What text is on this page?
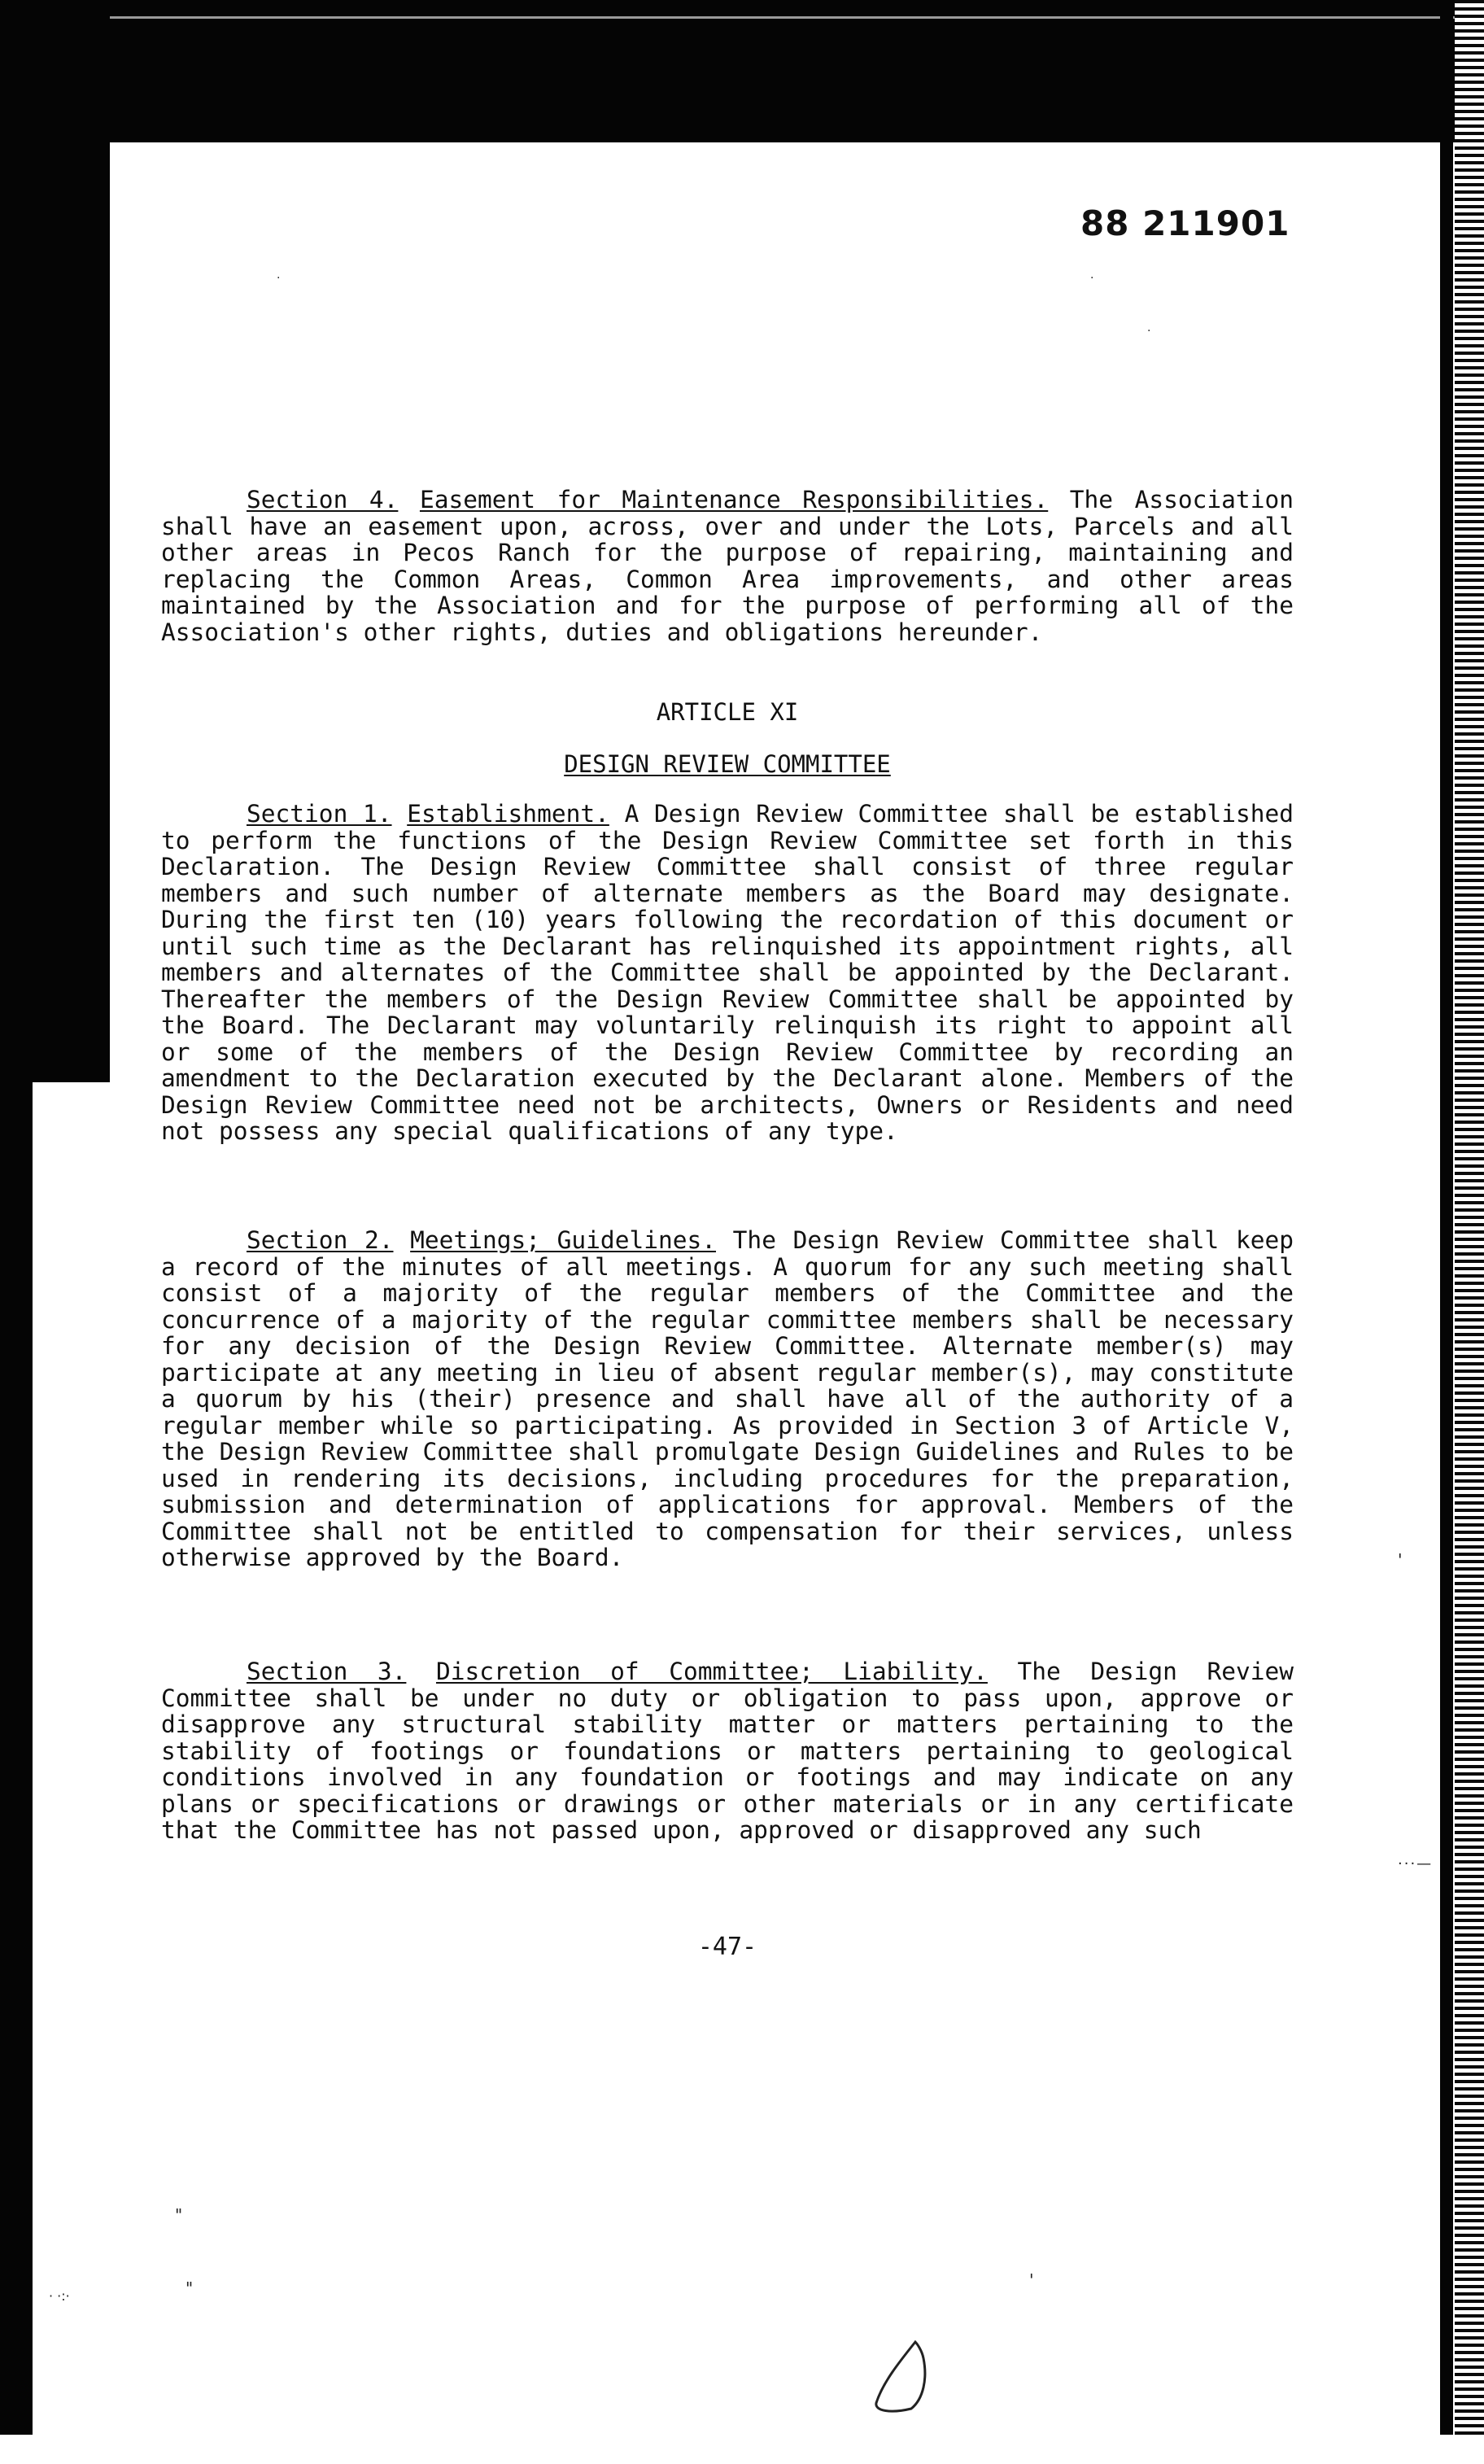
88 211901

Section 4. Easement for Maintenance Responsibilities. The Association shall have an easement upon, across, over and under the Lots, Parcels and all other areas in Pecos Ranch for the purpose of repairing, maintaining and replacing the Common Areas, Common Area improvements, and other areas maintained by the Association and for the purpose of performing all of the Association's other rights, duties and obligations hereunder.

ARTICLE XI
DESIGN REVIEW COMMITTEE

Section 1. Establishment. A Design Review Committee shall be established to perform the functions of the Design Review Committee set forth in this Declaration. The Design Review Committee shall consist of three regular members and such number of alternate members as the Board may designate. During the first ten (10) years following the recordation of this document or until such time as the Declarant has relinquished its appointment rights, all members and alternates of the Committee shall be appointed by the Declarant. Thereafter the members of the Design Review Committee shall be appointed by the Board. The Declarant may voluntarily relinquish its right to appoint all or some of the members of the Design Review Committee by recording an amendment to the Declaration executed by the Declarant alone. Members of the Design Review Committee need not be architects, Owners or Residents and need not possess any special qualifications of any type.

Section 2. Meetings; Guidelines. The Design Review Committee shall keep a record of the minutes of all meetings. A quorum for any such meeting shall consist of a majority of the regular members of the Committee and the concurrence of a majority of the regular committee members shall be necessary for any decision of the Design Review Committee. Alternate member(s) may participate at any meeting in lieu of absent regular member(s), may constitute a quorum by his (their) presence and shall have all of the authority of a regular member while so participating. As provided in Section 3 of Article V, the Design Review Committee shall promulgate Design Guidelines and Rules to be used in rendering its decisions, including procedures for the preparation, submission and determination of applications for approval. Members of the Committee shall not be entitled to compensation for their services, unless otherwise approved by the Board.

Section 3. Discretion of Committee; Liability. The Design Review Committee shall be under no duty or obligation to pass upon, approve or disapprove any structural stability matter or matters pertaining to the stability of footings or foundations or matters pertaining to geological conditions involved in any foundation or footings and may indicate on any plans or specifications or drawings or other materials or in any certificate that the Committee has not passed upon, approved or disapproved any such

-47-
.	.
.
'
···—
"
"
· ·:·
'
